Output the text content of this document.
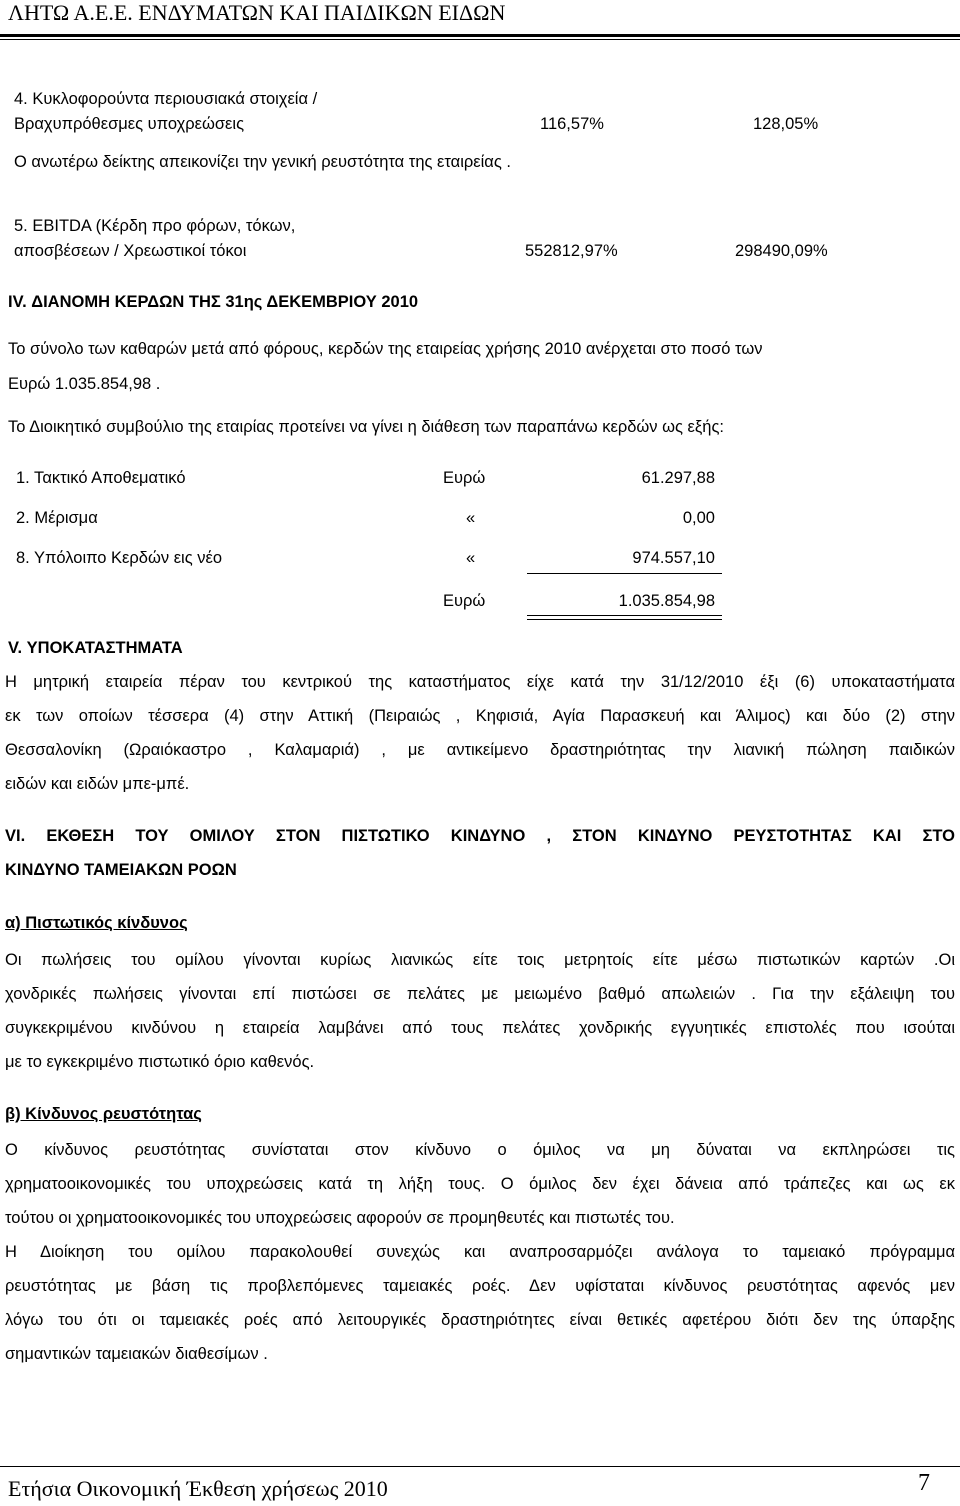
ΛΗΤΩ Α.Ε.Ε. ΕΝΔΥΜΑΤΩΝ ΚΑΙ ΠΑΙΔΙΚΩΝ ΕΙΔΩΝ
4. Κυκλοφορούντα περιουσιακά στοιχεία /
Βραχυπρόθεσμες υποχρεώσεις	116,57%	128,05%
Ο ανωτέρω δείκτης απεικονίζει την γενική ρευστότητα της εταιρείας .
5. EBITDA (Κέρδη προ φόρων, τόκων,
αποσβέσεων / Χρεωστικοί τόκοι	552812,97%	298490,09%
IV. ΔΙΑΝΟΜΗ ΚΕΡΔΩΝ ΤΗΣ 31ης ΔΕΚΕΜΒΡΙΟΥ 2010
Το σύνολο των καθαρών μετά από φόρους, κερδών της εταιρείας χρήσης 2010 ανέρχεται στο ποσό των
Ευρώ 1.035.854,98 .
Το Διοικητικό συμβούλιο της εταιρίας προτείνει να γίνει η διάθεση των παραπάνω κερδών ως εξής:
1. Τακτικό Αποθεματικό	Ευρώ	61.297,88
2. Μέρισμα	«	0,00
8. Υπόλοιπο Κερδών εις νέο	«	974.557,10
Ευρώ	1.035.854,98
V. ΥΠΟΚΑΤΑΣΤΗΜΑΤΑ
Η μητρική εταιρεία πέραν του κεντρικού της καταστήματος είχε κατά την 31/12/2010 έξι (6) υποκαταστήματα
εκ των οποίων τέσσερα (4) στην Αττική (Πειραιώς , Κηφισιά, Αγία Παρασκευή και Άλιμος) και δύο (2) στην
Θεσσαλονίκη (Ωραιόκαστρο , Καλαμαριά) , με αντικείμενο δραστηριότητας την λιανική πώληση παιδικών
ειδών και ειδών μπε-μπέ.
VI. ΕΚΘΕΣΗ ΤΟΥ ΟΜΙΛΟΥ ΣΤΟΝ ΠΙΣΤΩΤΙΚΟ ΚΙΝΔΥΝΟ , ΣΤΟΝ ΚΙΝΔΥΝΟ ΡΕΥΣΤΟΤΗΤΑΣ ΚΑΙ ΣΤΟ
ΚΙΝΔΥΝΟ ΤΑΜΕΙΑΚΩΝ ΡΟΩΝ
α) Πιστωτικός κίνδυνος
Οι πωλήσεις του ομίλου γίνονται κυρίως λιανικώς είτε τοις μετρητοίς είτε μέσω πιστωτικών καρτών .Οι
χονδρικές πωλήσεις γίνονται επί πιστώσει σε πελάτες με μειωμένο βαθμό απωλειών . Για την εξάλειψη του
συγκεκριμένου κινδύνου η εταιρεία λαμβάνει από τους πελάτες χονδρικής εγγυητικές επιστολές που ισούται
με το εγκεκριμένο πιστωτικό όριο καθενός.
β) Κίνδυνος ρευστότητας
Ο κίνδυνος ρευστότητας συνίσταται στον κίνδυνο ο όμιλος να μη δύναται να εκπληρώσει τις
χρηματοοικονομικές του υποχρεώσεις κατά τη λήξη τους. Ο όμιλος δεν έχει δάνεια από τράπεζες και ως εκ
τούτου οι χρηματοοικονομικές του υποχρεώσεις αφορούν σε προμηθευτές και πιστωτές του.
Η Διοίκηση του ομίλου παρακολουθεί συνεχώς και αναπροσαρμόζει ανάλογα το ταμειακό πρόγραμμα
ρευστότητας με βάση τις προβλεπόμενες ταμειακές ροές. Δεν υφίσταται κίνδυνος ρευστότητας αφενός μεν
λόγω του ότι οι ταμειακές ροές από λειτουργικές δραστηριότητες είναι θετικές αφετέρου διότι δεν της ύπαρξης
σημαντικών ταμειακών διαθεσίμων .
Ετήσια Οικονομική Έκθεση χρήσεως 2010	7
